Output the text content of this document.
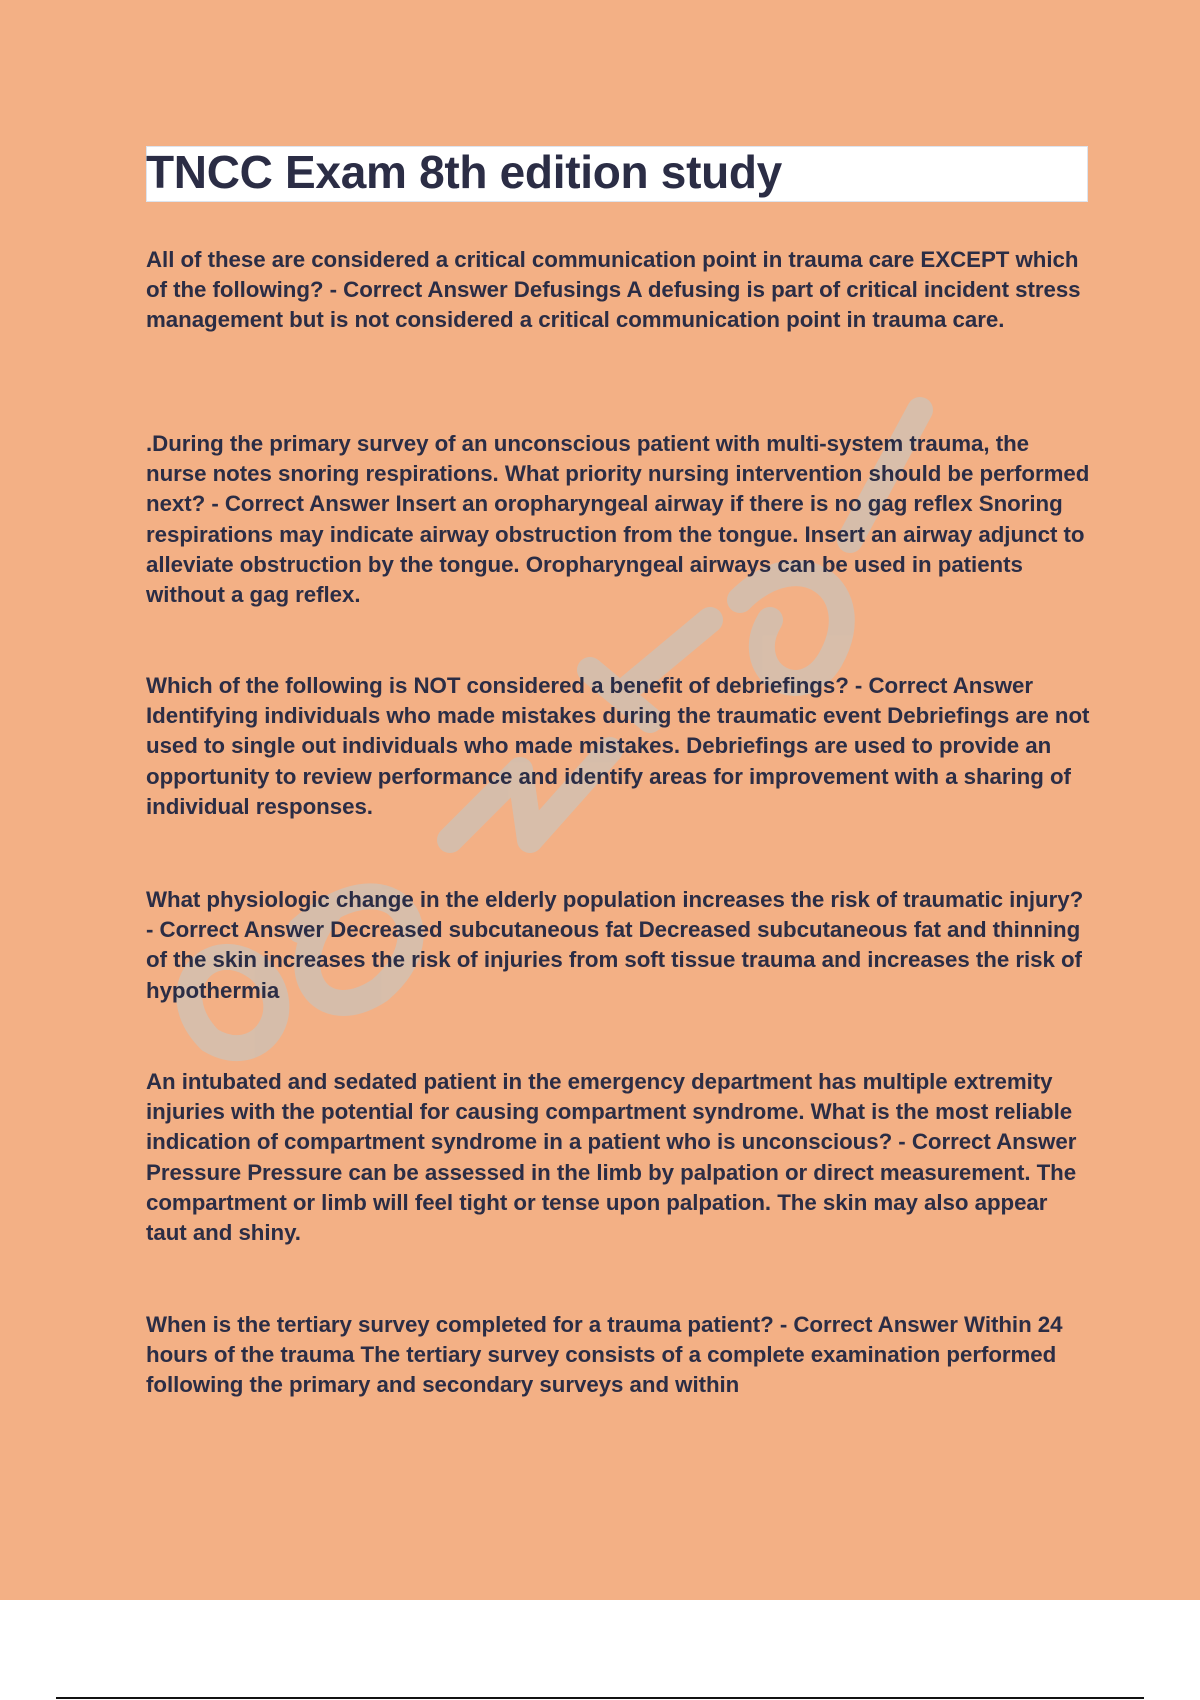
TNCC Exam 8th edition study

All of these are considered a critical communication point in trauma care EXCEPT which of the following? - Correct Answer Defusings A defusing is part of critical incident stress management but is not considered a critical communication point in trauma care.

.During the primary survey of an unconscious patient with multi-system trauma, the nurse notes snoring respirations. What priority nursing intervention should be performed next? - Correct Answer Insert an oropharyngeal airway if there is no gag reflex Snoring respirations may indicate airway obstruction from the tongue. Insert an airway adjunct to alleviate obstruction by the tongue. Oropharyngeal airways can be used in patients without a gag reflex.

Which of the following is NOT considered a benefit of debriefings? - Correct Answer Identifying individuals who made mistakes during the traumatic event Debriefings are not used to single out individuals who made mistakes. Debriefings are used to provide an opportunity to review performance and identify areas for improvement with a sharing of individual responses.

What physiologic change in the elderly population increases the risk of traumatic injury? - Correct Answer Decreased subcutaneous fat Decreased subcutaneous fat and thinning of the skin increases the risk of injuries from soft tissue trauma and increases the risk of hypothermia

An intubated and sedated patient in the emergency department has multiple extremity injuries with the potential for causing compartment syndrome. What is the most reliable indication of compartment syndrome in a patient who is unconscious? - Correct Answer Pressure Pressure can be assessed in the limb by palpation or direct measurement. The compartment or limb will feel tight or tense upon palpation. The skin may also appear taut and shiny.

When is the tertiary survey completed for a trauma patient? - Correct Answer Within 24 hours of the trauma The tertiary survey consists of a complete examination performed following the primary and secondary surveys and within
